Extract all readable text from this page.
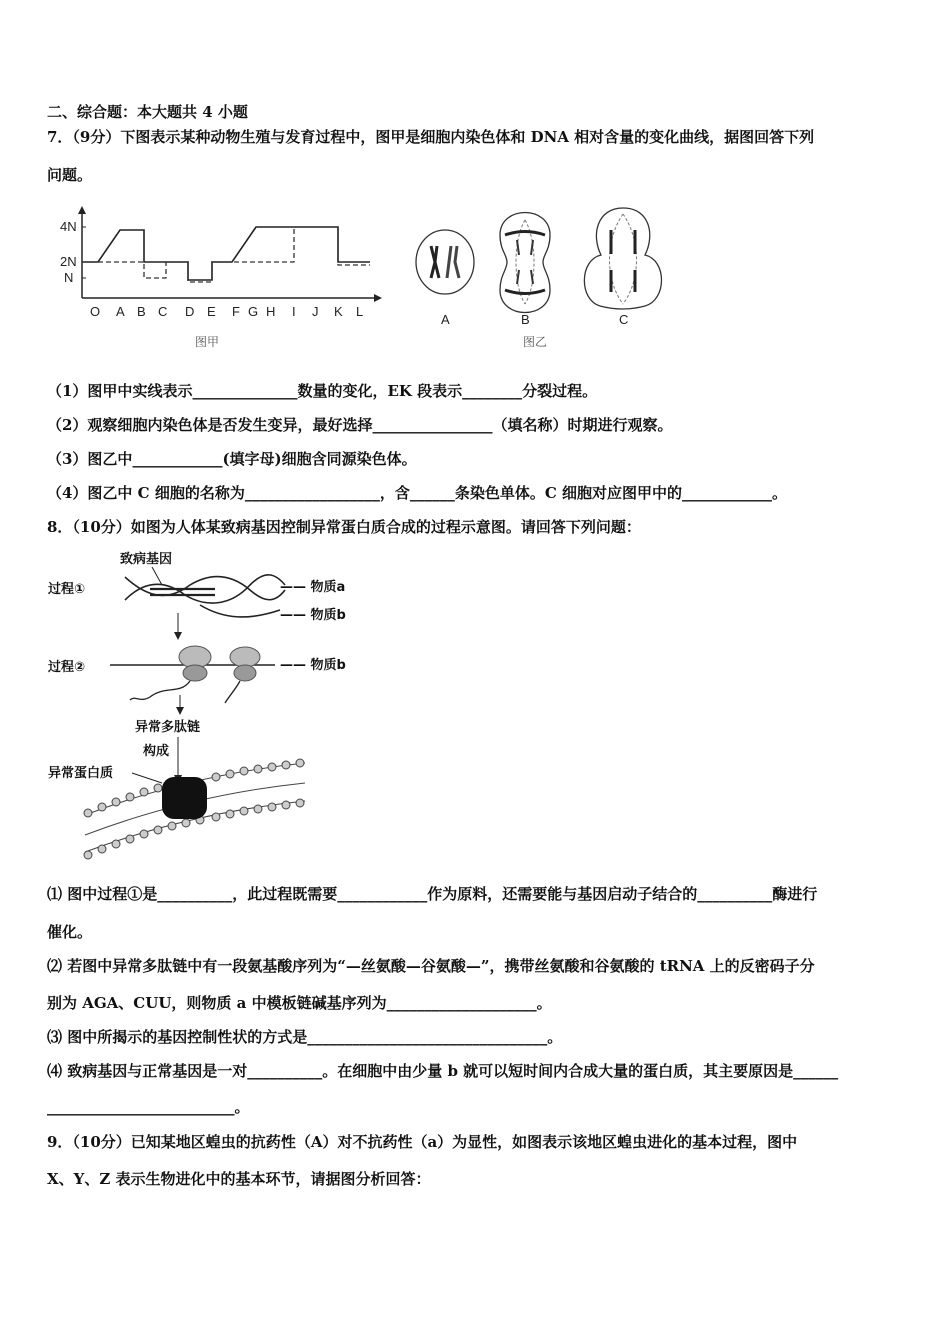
二、综合题：本大题共 4 小题
7．（9分）下图表示某种动物生殖与发育过程中，图甲是细胞内染色体和 DNA 相对含量的变化曲线，据图回答下列
问题。
4N
2N
N
O A B C D E F G H I J K L
图甲
A	B	C
图乙
（1）图甲中实线表示______________数量的变化，EK 段表示________分裂过程。
（2）观察细胞内染色体是否发生变异，最好选择________________（填名称）时期进行观察。
（3）图乙中____________(填字母)细胞含同源染色体。
（4）图乙中 C 细胞的名称为__________________，含______条染色单体。C 细胞对应图甲中的____________。
8．（10分）如图为人体某致病基因控制异常蛋白质合成的过程示意图。请回答下列问题：
致病基因
过程①	—— 物质a
—— 物质b
过程②	—— 物质b
异常多肽链
构成
异常蛋白质
⑴ 图中过程①是__________，此过程既需要____________作为原料，还需要能与基因启动子结合的__________酶进行
催化。
⑵ 若图中异常多肽链中有一段氨基酸序列为“—丝氨酸—谷氨酸—”，携带丝氨酸和谷氨酸的 tRNA 上的反密码子分
别为 AGA、CUU，则物质 a 中模板链碱基序列为____________________。
⑶ 图中所揭示的基因控制性状的方式是________________________________。
⑷ 致病基因与正常基因是一对__________。在细胞中由少量 b 就可以短时间内合成大量的蛋白质，其主要原因是______
_________________________。
9．（10分）已知某地区蝗虫的抗药性（A）对不抗药性（a）为显性，如图表示该地区蝗虫进化的基本过程，图中
X、Y、Z 表示生物进化中的基本环节，请据图分析回答：
